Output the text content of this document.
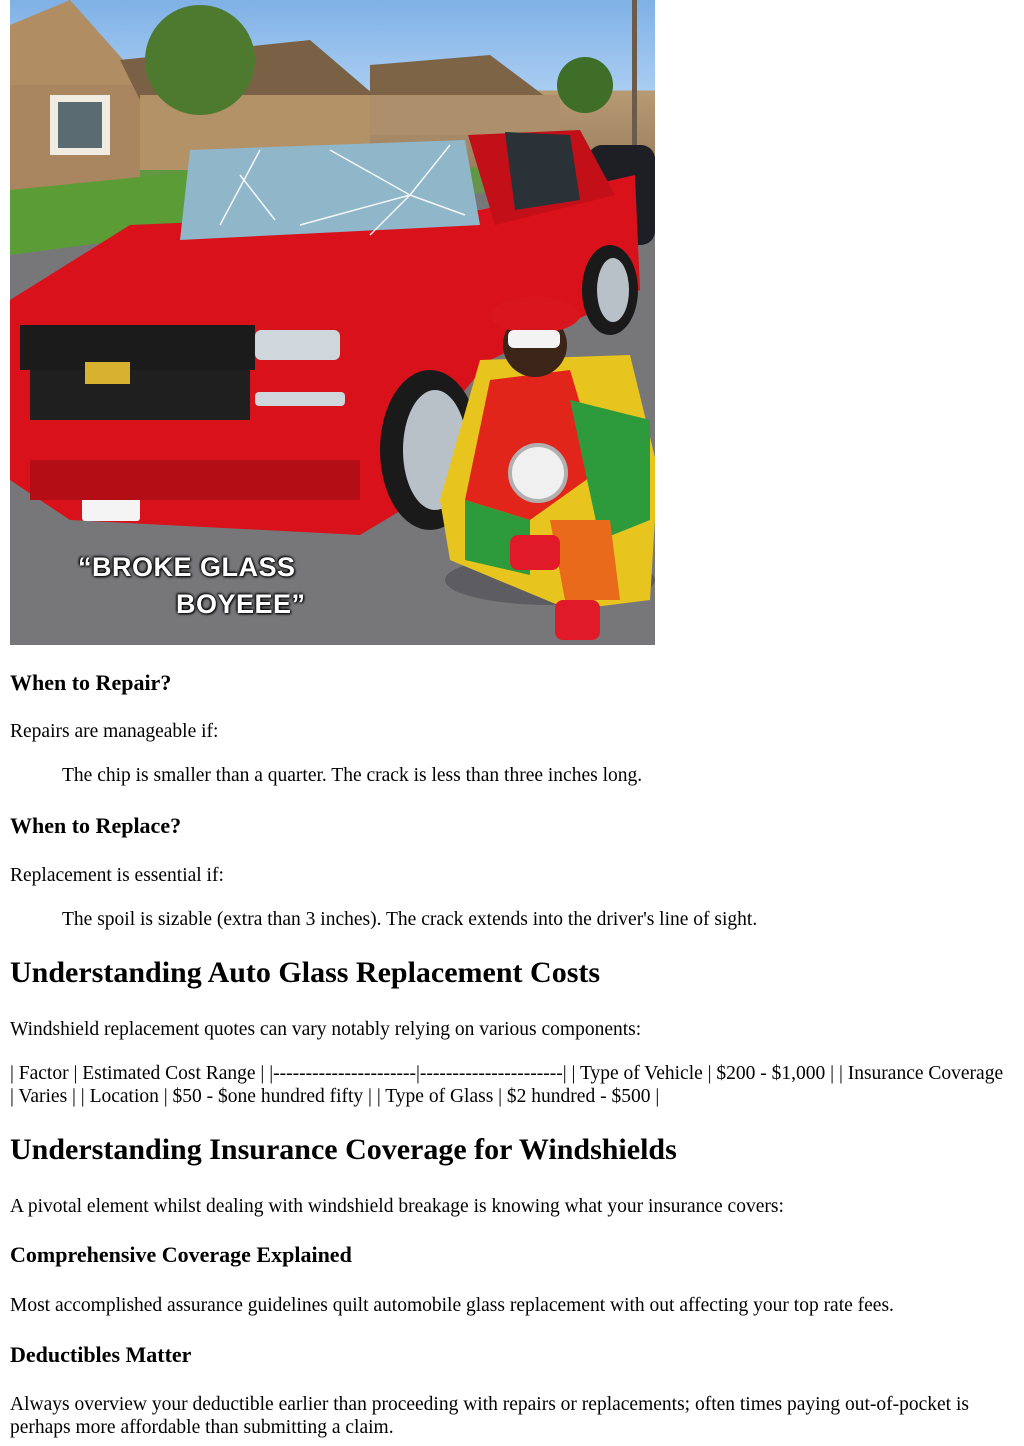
“BROKE GLASS
BOYEEE”
When to Repair?

Repairs are manageable if:

The chip is smaller than a quarter. The crack is less than three inches long.

When to Replace?

Replacement is essential if:

The spoil is sizable (extra than 3 inches). The crack extends into the driver's line of sight.

Understanding Auto Glass Replacement Costs

Windshield replacement quotes can vary notably relying on various components:

| Factor | Estimated Cost Range | |----------------------|----------------------| | Type of Vehicle | $200 - $1,000 | | Insurance Coverage | Varies | | Location | $50 - $one hundred fifty | | Type of Glass | $2 hundred - $500 |

Understanding Insurance Coverage for Windshields

A pivotal element whilst dealing with windshield breakage is knowing what your insurance covers:

Comprehensive Coverage Explained

Most accomplished assurance guidelines quilt automobile glass replacement with out affecting your top rate fees.

Deductibles Matter

Always overview your deductible earlier than proceeding with repairs or replacements; often times paying out-of-pocket is perhaps more affordable than submitting a claim.
